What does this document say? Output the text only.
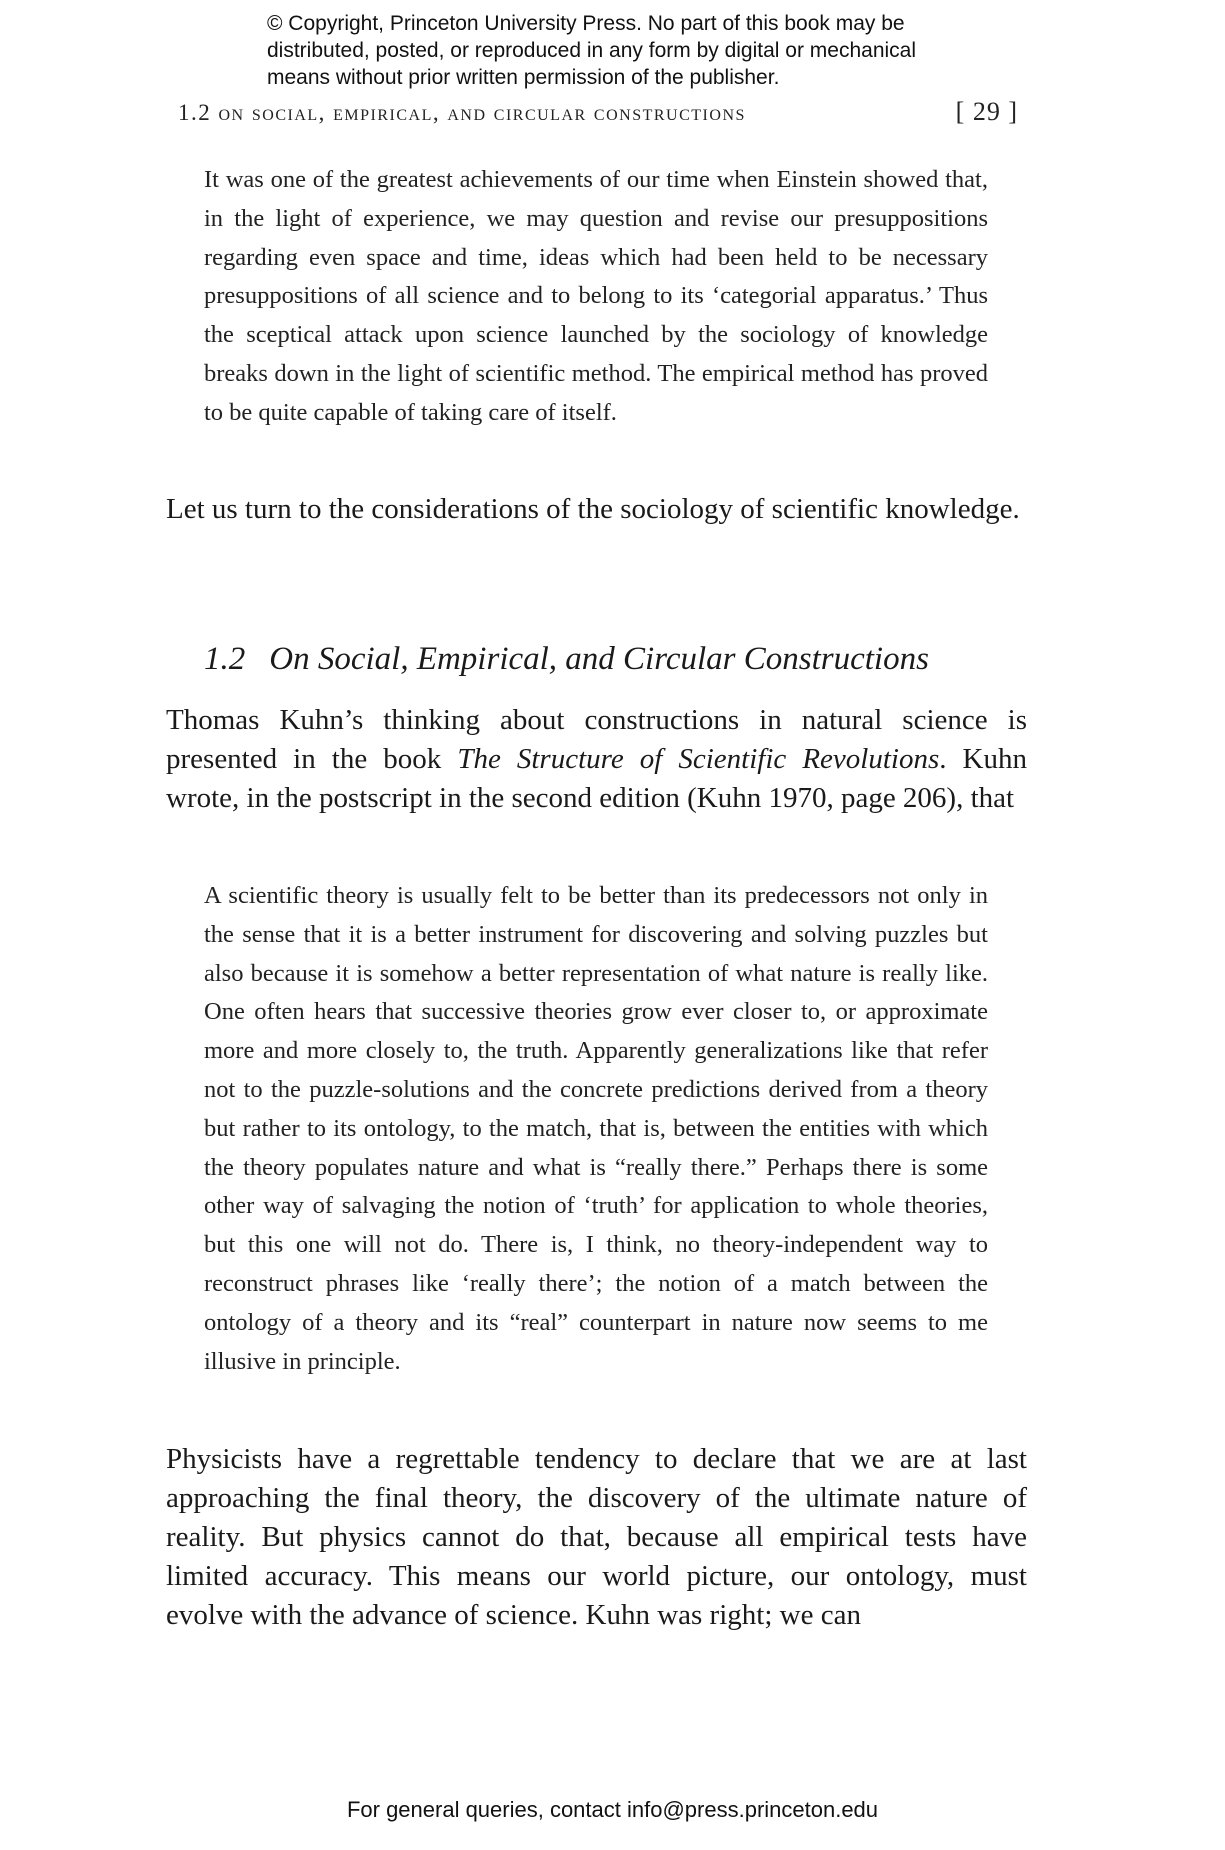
© Copyright, Princeton University Press. No part of this book may be distributed, posted, or reproduced in any form by digital or mechanical means without prior written permission of the publisher.
1.2 on social, empirical, and circular constructions	[ 29 ]
It was one of the greatest achievements of our time when Einstein showed that, in the light of experience, we may question and revise our presuppositions regarding even space and time, ideas which had been held to be necessary presuppositions of all science and to belong to its ‘categorial apparatus.’ Thus the sceptical attack upon science launched by the sociology of knowledge breaks down in the light of scientific method. The empirical method has proved to be quite capable of taking care of itself.
Let us turn to the considerations of the sociology of scientific knowledge.
1.2 On Social, Empirical, and Circular Constructions
Thomas Kuhn’s thinking about constructions in natural science is presented in the book The Structure of Scientific Revolutions. Kuhn wrote, in the postscript in the second edition (Kuhn 1970, page 206), that
A scientific theory is usually felt to be better than its predecessors not only in the sense that it is a better instrument for discovering and solving puzzles but also because it is somehow a better representation of what nature is really like. One often hears that successive theories grow ever closer to, or approximate more and more closely to, the truth. Apparently generalizations like that refer not to the puzzle-solutions and the concrete predictions derived from a theory but rather to its ontology, to the match, that is, between the entities with which the theory populates nature and what is “really there.” Perhaps there is some other way of salvaging the notion of ‘truth’ for application to whole theories, but this one will not do. There is, I think, no theory-independent way to reconstruct phrases like ‘really there’; the notion of a match between the ontology of a theory and its “real” counterpart in nature now seems to me illusive in principle.
Physicists have a regrettable tendency to declare that we are at last approaching the final theory, the discovery of the ultimate nature of reality. But physics cannot do that, because all empirical tests have limited accuracy. This means our world picture, our ontology, must evolve with the advance of science. Kuhn was right; we can
For general queries, contact info@press.princeton.edu
